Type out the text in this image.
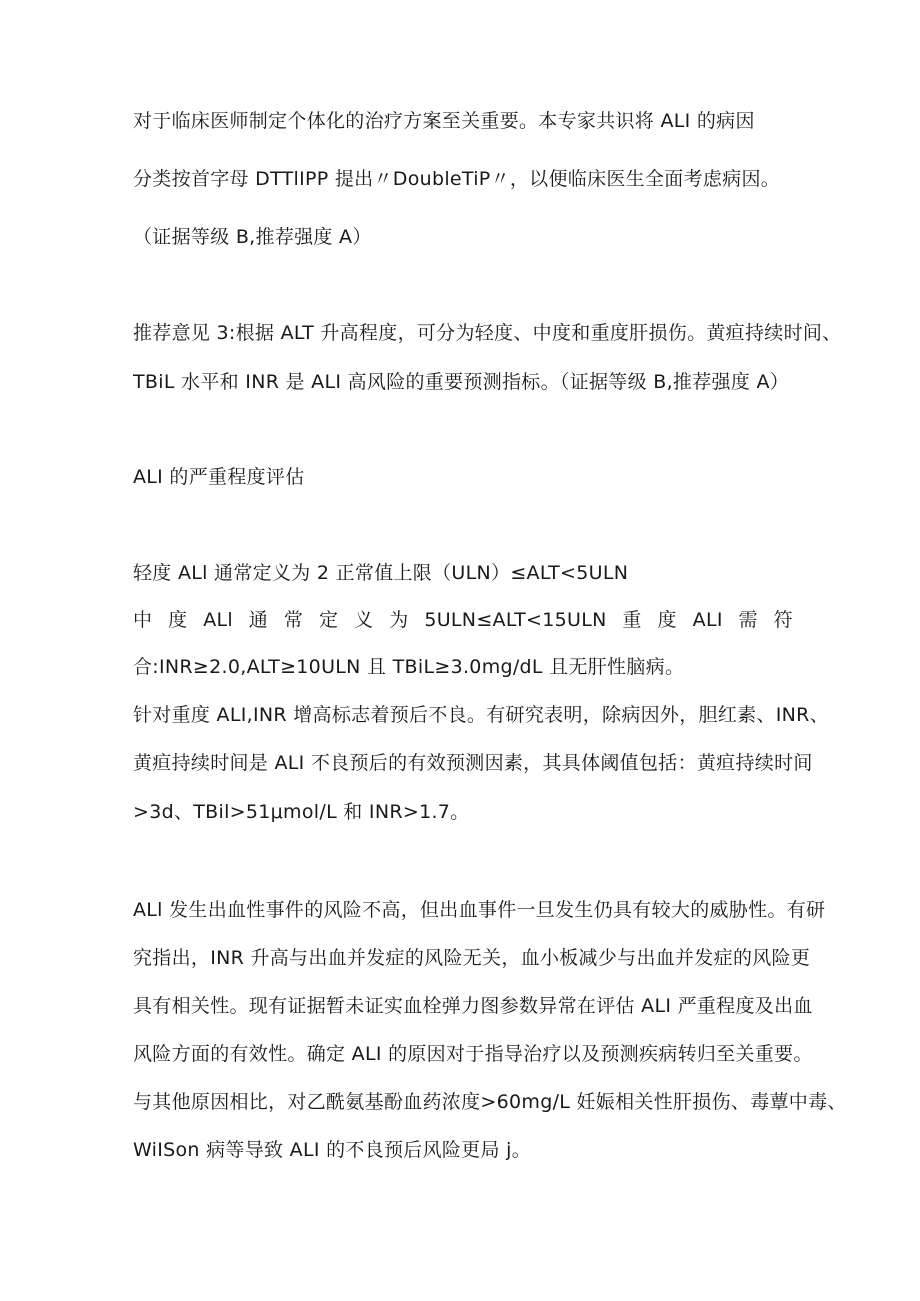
对于临床医师制定个体化的治疗方案至关重要。本专家共识将 ALI 的病因
分类按首字母 DTTlIPP 提出〃DoubleTiP〃，以便临床医生全面考虑病因。
（证据等级 B,推荐强度 A）
推荐意见 3:根据 ALT 升高程度，可分为轻度、中度和重度肝损伤。黄疸持续时间、
TBiL 水平和 INR 是 ALI 高风险的重要预测指标。（证据等级 B,推荐强度 A）
ALI 的严重程度评估
轻度 ALl 通常定义为 2 正常值上限（ULN）≤ALT<5ULN
中 度 ALl 通 常 定 义 为 5ULN≤ALT<15ULN 重 度 ALI 需 符
合:INR≥2.0,ALT≥10ULN 且 TBiL≥3.0mg/dL 且无肝性脑病。
针对重度 ALI,INR 增高标志着预后不良。有研究表明，除病因外，胆红素、INR、
黄疸持续时间是 ALI 不良预后的有效预测因素，其具体阈值包括：黄疸持续时间
>3d、TBil>51μmol∕L 和 INR>1.7。
ALl 发生出血性事件的风险不高，但出血事件一旦发生仍具有较大的威胁性。有研
究指出，INR 升高与出血并发症的风险无关，血小板减少与出血并发症的风险更
具有相关性。现有证据暂未证实血栓弹力图参数异常在评估 ALI 严重程度及出血
风险方面的有效性。确定 ALI 的原因对于指导治疗以及预测疾病转归至关重要。
与其他原因相比，对乙酰氨基酚血药浓度>60mg∕L 妊娠相关性肝损伤、毒蕈中毒、
WiISon 病等导致 ALI 的不良预后风险更局 j。
